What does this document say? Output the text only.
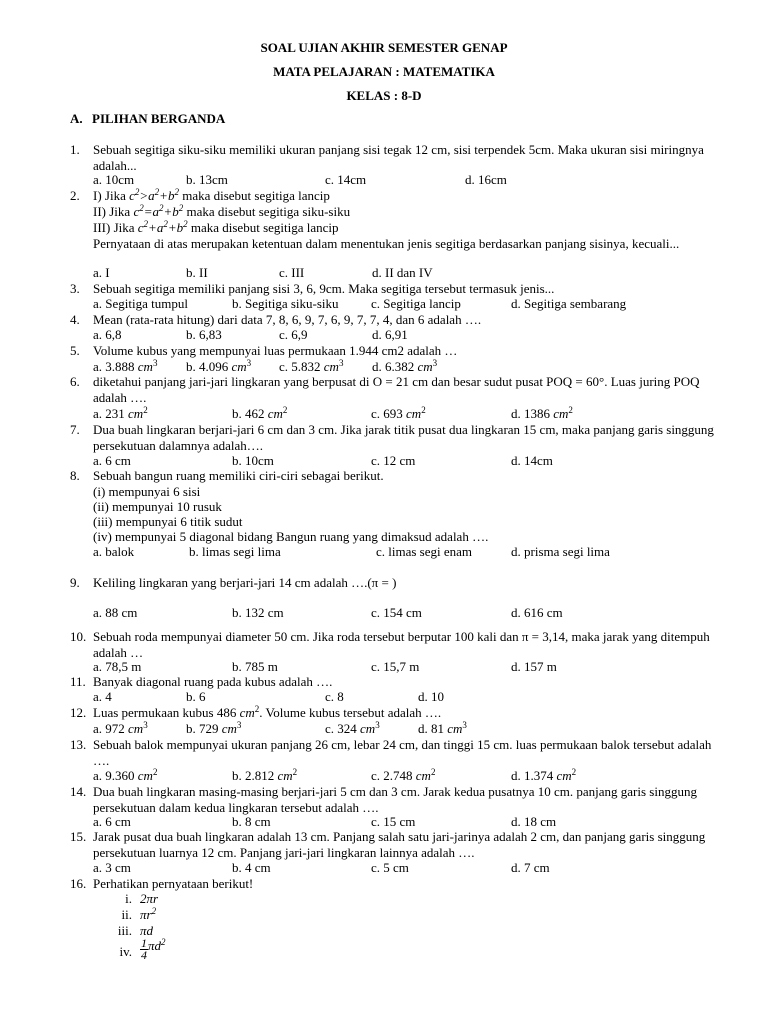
SOAL UJIAN AKHIR SEMESTER GENAP
MATA PELAJARAN : MATEMATIKA
KELAS : 8-D
A. PILIHAN BERGANDA
1. Sebuah segitiga siku-siku memiliki ukuran panjang sisi tegak 12 cm, sisi terpendek 5cm. Maka ukuran sisi miringnya adalah...
a. 10cm	b. 13cm	c. 14cm	d. 16cm
2. I) Jika $c^2>a^2+b^2$ maka disebut segitiga lancip
II) Jika $c^2=a^2+b^2$ maka disebut segitiga siku-siku
III) Jika $c^2+a^2+b^2$ maka disebut segitiga lancip
Pernyataan di atas merupakan ketentuan dalam menentukan jenis segitiga berdasarkan panjang sisinya, kecuali...
a. I	b. II	c. III	d. II dan IV
3. Sebuah segitiga memiliki panjang sisi 3, 6, 9cm. Maka segitiga tersebut termasuk jenis...
a. Segitiga tumpul	b. Segitiga siku-siku c. Segitiga lancip	d. Segitiga sembarang
4. Mean (rata-rata hitung) dari data 7, 8, 6, 9, 7, 6, 9, 7, 7, 4, dan 6 adalah ….
a. 6,8	b. 6,83	c. 6,9	d. 6,91
5. Volume kubus yang mempunyai luas permukaan 1.944 cm2 adalah …
a. 3.888 $cm^3$ b. 4.096 $cm^3$ c. 5.832 $cm^3$ d. 6.382 $cm^3$
6. diketahui panjang jari-jari lingkaran yang berpusat di O = 21 cm dan besar sudut pusat POQ = 60°. Luas juring POQ adalah ….
a. 231 $cm^2$	b. 462 $cm^2$	c. 693 $cm^2$	d. 1386 $cm^2$
7. Dua buah lingkaran berjari-jari 6 cm dan 3 cm. Jika jarak titik pusat dua lingkaran 15 cm, maka panjang garis singgung persekutuan dalamnya adalah….
a. 6 cm	b. 10cm	c. 12 cm	d. 14cm
8. Sebuah bangun ruang memiliki ciri-ciri sebagai berikut.
(i) mempunyai 6 sisi
(ii) mempunyai 10 rusuk
(iii) mempunyai 6 titik sudut
(iv) mempunyai 5 diagonal bidang Bangun ruang yang dimaksud adalah ….
a. balok	b. limas segi lima	c. limas segi enam	d. prisma segi lima
9. Keliling lingkaran yang berjari-jari 14 cm adalah ….(π = )
a. 88 cm	b. 132 cm	c. 154 cm	d. 616 cm
10. Sebuah roda mempunyai diameter 50 cm. Jika roda tersebut berputar 100 kali dan π = 3,14, maka jarak yang ditempuh adalah …
a. 78,5 m	b. 785 m	c. 15,7 m	d. 157 m
11. Banyak diagonal ruang pada kubus adalah ….
a. 4	b. 6	c. 8	d. 10
12. Luas permukaan kubus 486 $cm^2$. Volume kubus tersebut adalah ….
a. 972 $cm^3$	b. 729 $cm^3$	c. 324 $cm^3$	d. 81 $cm^3$
13. Sebuah balok mempunyai ukuran panjang 26 cm, lebar 24 cm, dan tinggi 15 cm. luas permukaan balok tersebut adalah ….
a. 9.360 $cm^2$	b. 2.812 $cm^2$	c. 2.748 $cm^2$	d. 1.374 $cm^2$
14. Dua buah lingkaran masing-masing berjari-jari 5 cm dan 3 cm. Jarak kedua pusatnya 10 cm. panjang garis singgung persekutuan dalam kedua lingkaran tersebut adalah ….
a. 6 cm	b. 8 cm	c. 15 cm	d. 18 cm
15. Jarak pusat dua buah lingkaran adalah 13 cm. Panjang salah satu jari-jarinya adalah 2 cm, dan panjang garis singgung persekutuan luarnya 12 cm. Panjang jari-jari lingkaran lainnya adalah ….
a. 3 cm	b. 4 cm	c. 5 cm	d. 7 cm
16. Perhatikan pernyataan berikut!
i. 2πr
ii. $\pi r^2$
iii. πd
iv. $\frac{1}{4} \pi d^2$
